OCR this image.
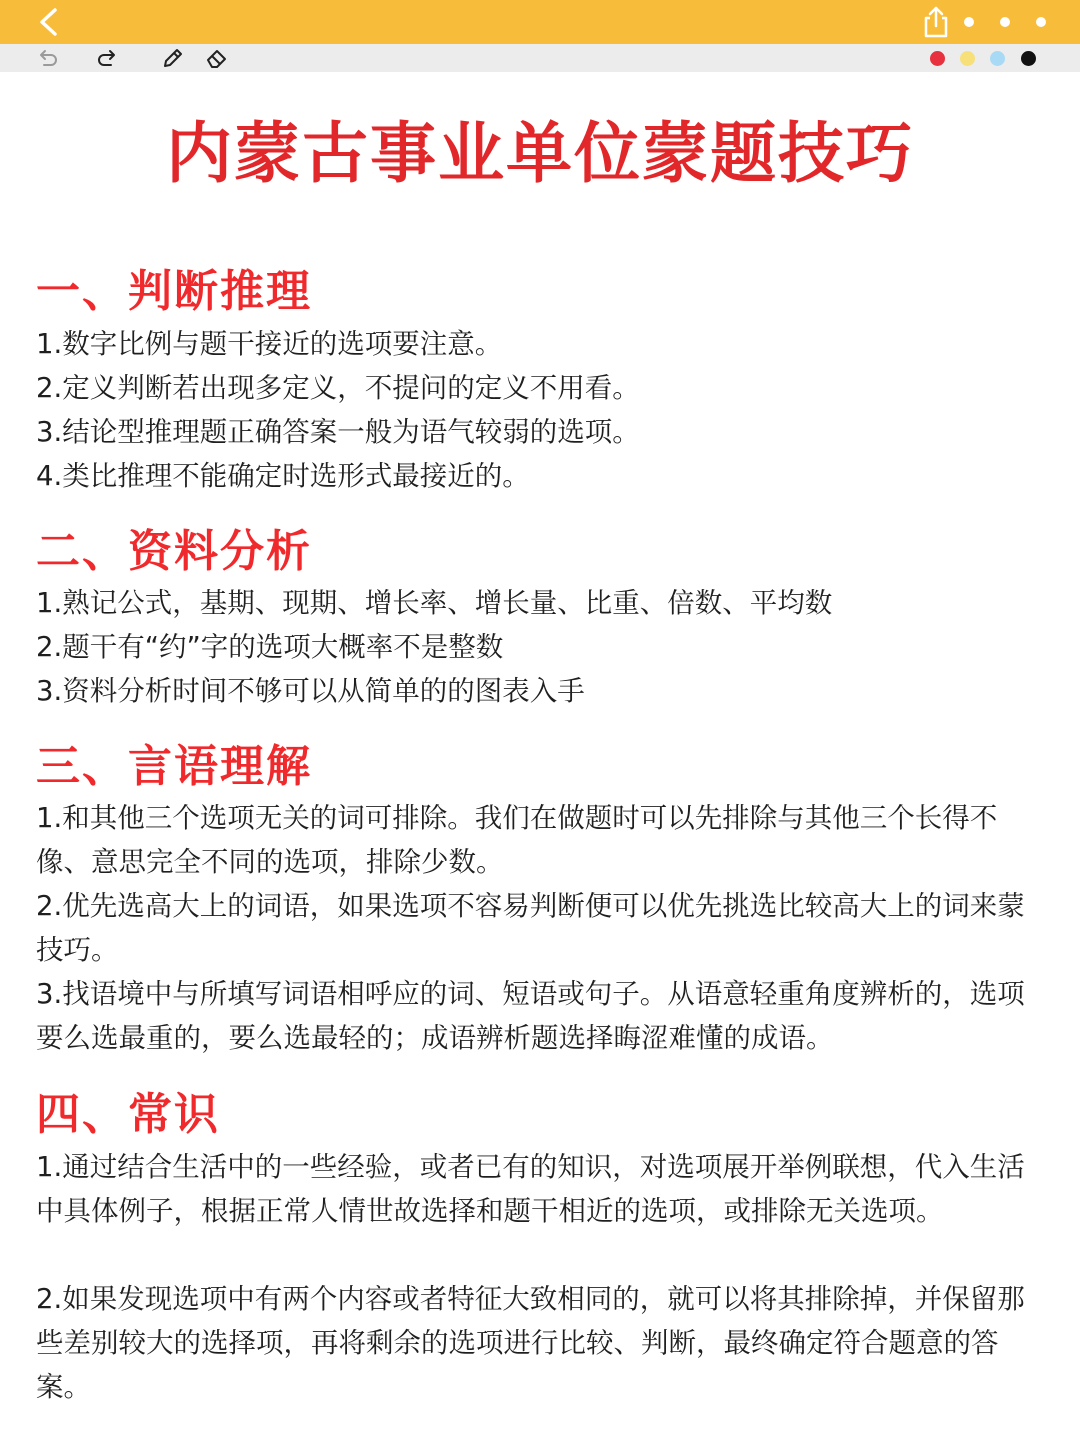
内蒙古事业单位蒙题技巧
一、判断推理

1.数字比例与题干接近的选项要注意。

2.定义判断若出现多定义，不提问的定义不用看。

3.结论型推理题正确答案一般为语气较弱的选项。

4.类比推理不能确定时选形式最接近的。

二、资料分析

1.熟记公式，基期、现期、增长率、增长量、比重、倍数、平均数

2.题干有“约”字的选项大概率不是整数

3.资料分析时间不够可以从简单的的图表入手

三、言语理解

1.和其他三个选项无关的词可排除。我们在做题时可以先排除与其他三个长得不像、意思完全不同的选项，排除少数。

2.优先选高大上的词语，如果选项不容易判断便可以优先挑选比较高大上的词来蒙技巧。

3.找语境中与所填写词语相呼应的词、短语或句子。从语意轻重角度辨析的，选项要么选最重的，要么选最轻的；成语辨析题选择晦涩难懂的成语。

四、常识

1.通过结合生活中的一些经验，或者已有的知识，对选项展开举例联想，代入生活中具体例子，根据正常人情世故选择和题干相近的选项，或排除无关选项。

2.如果发现选项中有两个内容或者特征大致相同的，就可以将其排除掉，并保留那些差别较大的选择项，再将剩余的选项进行比较、判断，最终确定符合题意的答案。
